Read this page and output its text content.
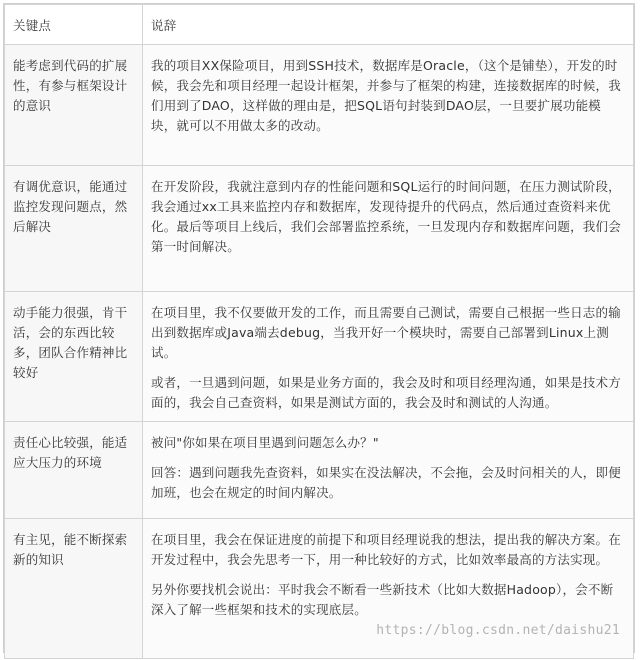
关键点	说辞
能考虑到代码的扩展性，有参与框架设计的意识	我的项目XX保险项目，用到SSH技术，数据库是Oracle，（这个是铺垫），开发的时候，我会先和项目经理一起设计框架，并参与了框架的构建，连接数据库的时候，我们用到了DAO，这样做的理由是，把SQL语句封装到DAO层，一旦要扩展功能模块，就可以不用做太多的改动。

有调优意识，能通过监控发现问题点，然后解决	在开发阶段，我就注意到内存的性能问题和SQL运行的时间问题，在压力测试阶段，我会通过xx工具来监控内存和数据库，发现待提升的代码点，然后通过查资料来优化。最后等项目上线后，我们会部署监控系统，一旦发现内存和数据库问题，我们会第一时间解决。

动手能力很强，肯干活，会的东西比较多，团队合作精神比较好	在项目里，我不仅要做开发的工作，而且需要自己测试，需要自己根据一些日志的输出到数据库或Java端去debug，当我开好一个模块时，需要自己部署到Linux上测试。

或者，一旦遇到问题，如果是业务方面的，我会及时和项目经理沟通，如果是技术方面的，我会自己查资料，如果是测试方面的，我会及时和测试的人沟通。

责任心比较强，能适应大压力的环境	被问"你如果在项目里遇到问题怎么办？"

回答：遇到问题我先查资料，如果实在没法解决，不会拖，会及时问相关的人，即便加班，也会在规定的时间内解决。

有主见，能不断探索新的知识	在项目里，我会在保证进度的前提下和项目经理说我的想法，提出我的解决方案。在开发过程中，我会先思考一下，用一种比较好的方式，比如效率最高的方法实现。

另外你要找机会说出：平时我会不断看一些新技术（比如大数据Hadoop），会不断深入了解一些框架和技术的实现底层。

https://blog.csdn.net/daishu21
